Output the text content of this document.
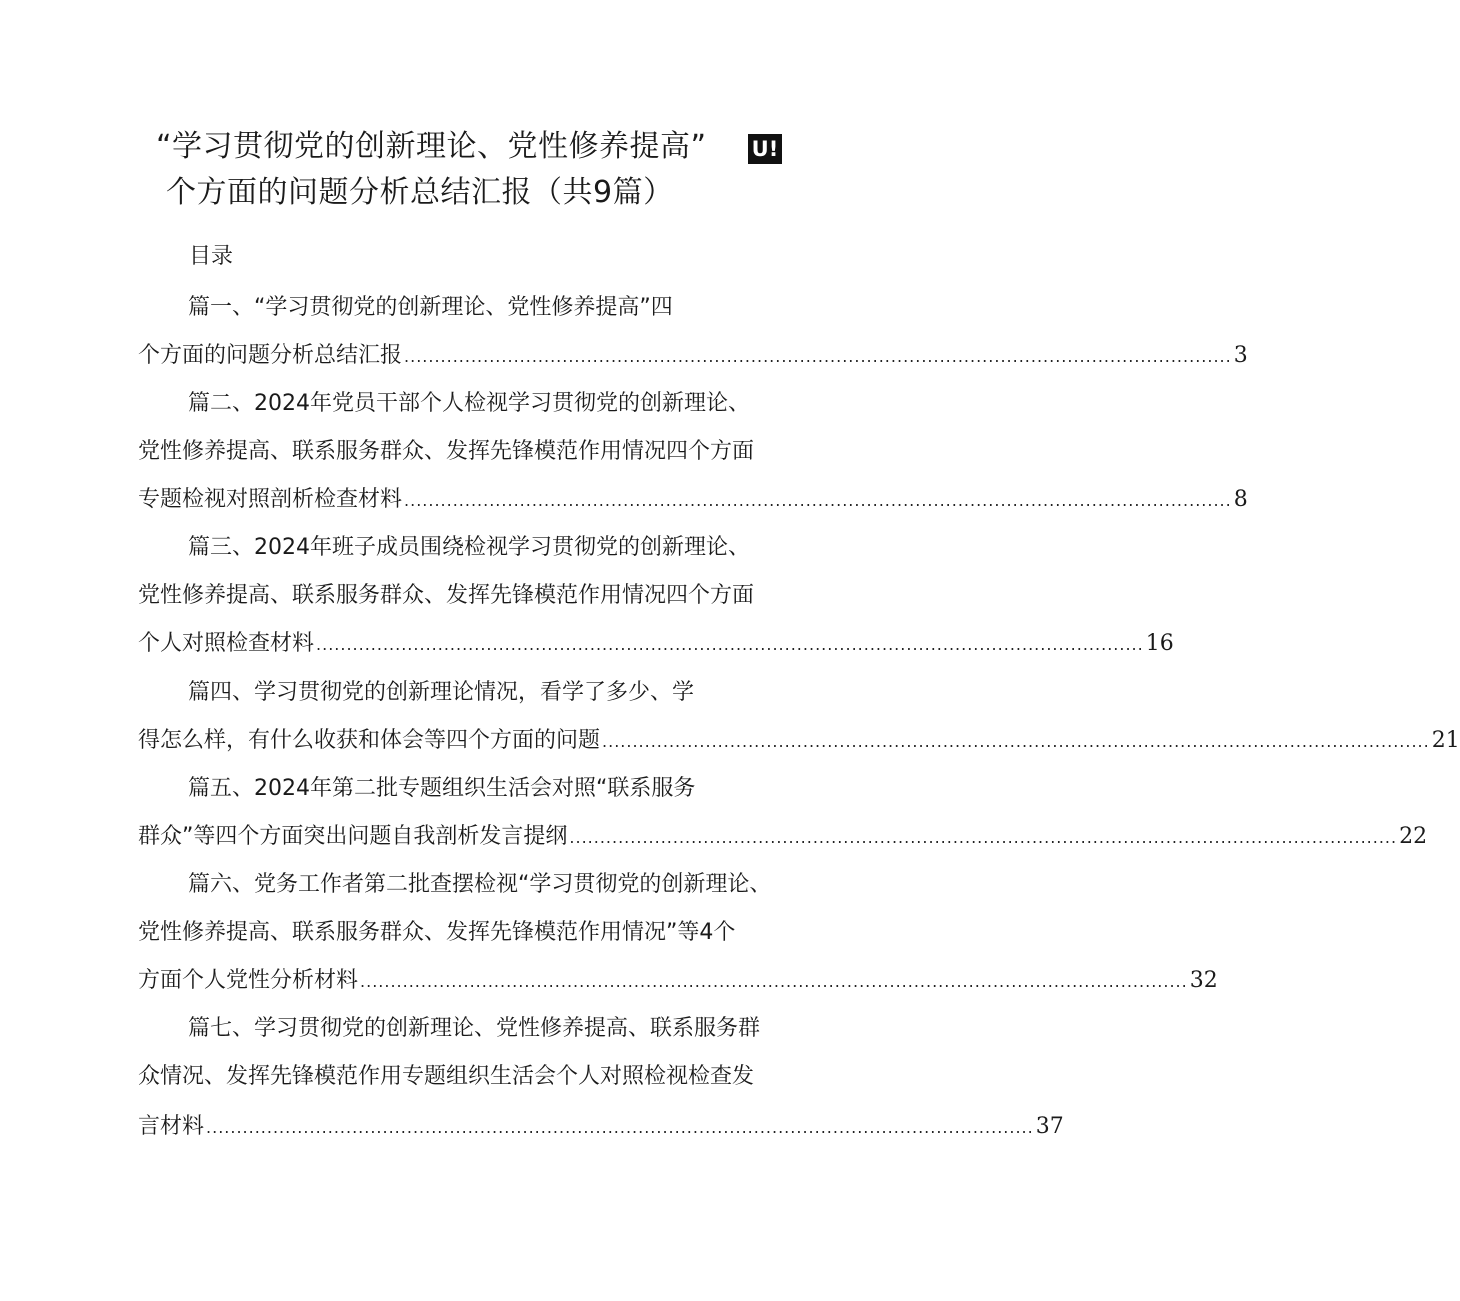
“学习贯彻党的创新理论、党性修养提高” U!
个方面的问题分析总结汇报（共9篇）
目录
篇一、“学习贯彻党的创新理论、党性修养提高”四
个方面的问题分析总结汇报 ........................................................................................................................................ 3
篇二、2024年党员干部个人检视学习贯彻党的创新理论、
党性修养提高、联系服务群众、发挥先锋模范作用情况四个方面
专题检视对照剖析检查材料 ........................................................................................................................................ 8
篇三、2024年班子成员围绕检视学习贯彻党的创新理论、
党性修养提高、联系服务群众、发挥先锋模范作用情况四个方面
个人对照检查材料 ........................................................................................................................................ 16
篇四、学习贯彻党的创新理论情况，看学了多少、学
得怎么样，有什么收获和体会等四个方面的问题 ........................................................................................................................................ 21
篇五、2024年第二批专题组织生活会对照“联系服务
群众”等四个方面突出问题自我剖析发言提纲 ........................................................................................................................................ 22
篇六、党务工作者第二批查摆检视“学习贯彻党的创新理论、
党性修养提高、联系服务群众、发挥先锋模范作用情况”等4个
方面个人党性分析材料 ........................................................................................................................................ 32
篇七、学习贯彻党的创新理论、党性修养提高、联系服务群
众情况、发挥先锋模范作用专题组织生活会个人对照检视检查发
言材料 ........................................................................................................................................ 37
